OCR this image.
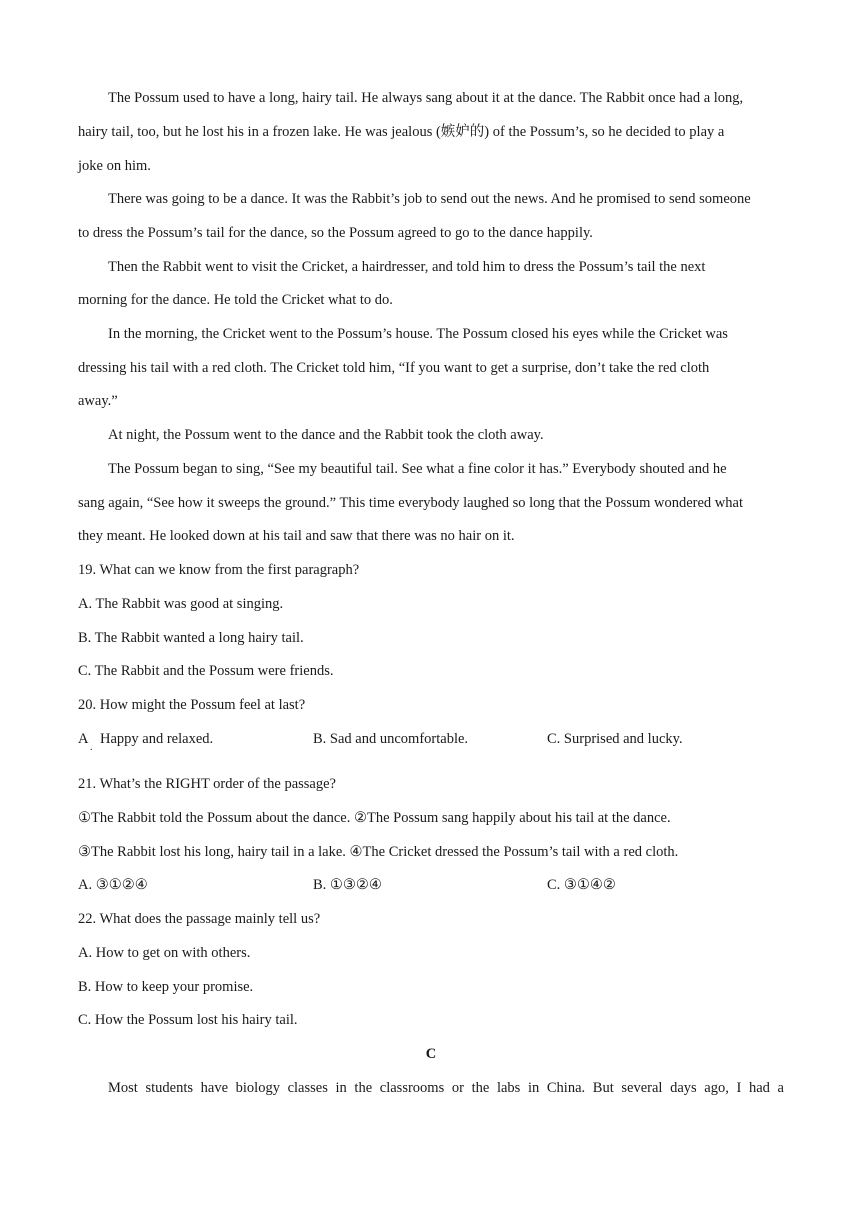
The Possum used to have a long, hairy tail. He always sang about it at the dance. The Rabbit once had a long,
hairy tail, too, but he lost his in a frozen lake. He was jealous (嫉妒的) of the Possum’s, so he decided to play a
joke on him.
There was going to be a dance. It was the Rabbit’s job to send out the news. And he promised to send someone
to dress the Possum’s tail for the dance, so the Possum agreed to go to the dance happily.
Then the Rabbit went to visit the Cricket, a hairdresser, and told him to dress the Possum’s tail the next
morning for the dance. He told the Cricket what to do.
In the morning, the Cricket went to the Possum’s house. The Possum closed his eyes while the Cricket was
dressing his tail with a red cloth. The Cricket told him, “If you want to get a surprise, don’t take the red cloth
away.”
At night, the Possum went to the dance and the Rabbit took the cloth away.
The Possum began to sing, “See my beautiful tail. See what a fine color it has.” Everybody shouted and he
sang again, “See how it sweeps the ground.” This time everybody laughed so long that the Possum wondered what
they meant. He looked down at his tail and saw that there was no hair on it.
19. What can we know from the first paragraph?
A. The Rabbit was good at singing.
B. The Rabbit wanted a long hairy tail.
C. The Rabbit and the Possum were friends.
20. How might the Possum feel at last?
A Happy and relaxed.
.
B. Sad and uncomfortable.	C. Surprised and lucky.
21. What’s the RIGHT order of the passage?
①The Rabbit told the Possum about the dance. ②The Possum sang happily about his tail at the dance.
③The Rabbit lost his long, hairy tail in a lake. ④The Cricket dressed the Possum’s tail with a red cloth.
A. ③①②④	B. ①③②④	C. ③①④②
22. What does the passage mainly tell us?
A. How to get on with others.
B. How to keep your promise.
C. How the Possum lost his hairy tail.
C
Most students have biology classes in the classrooms or the labs in China. But several days ago, I had a
